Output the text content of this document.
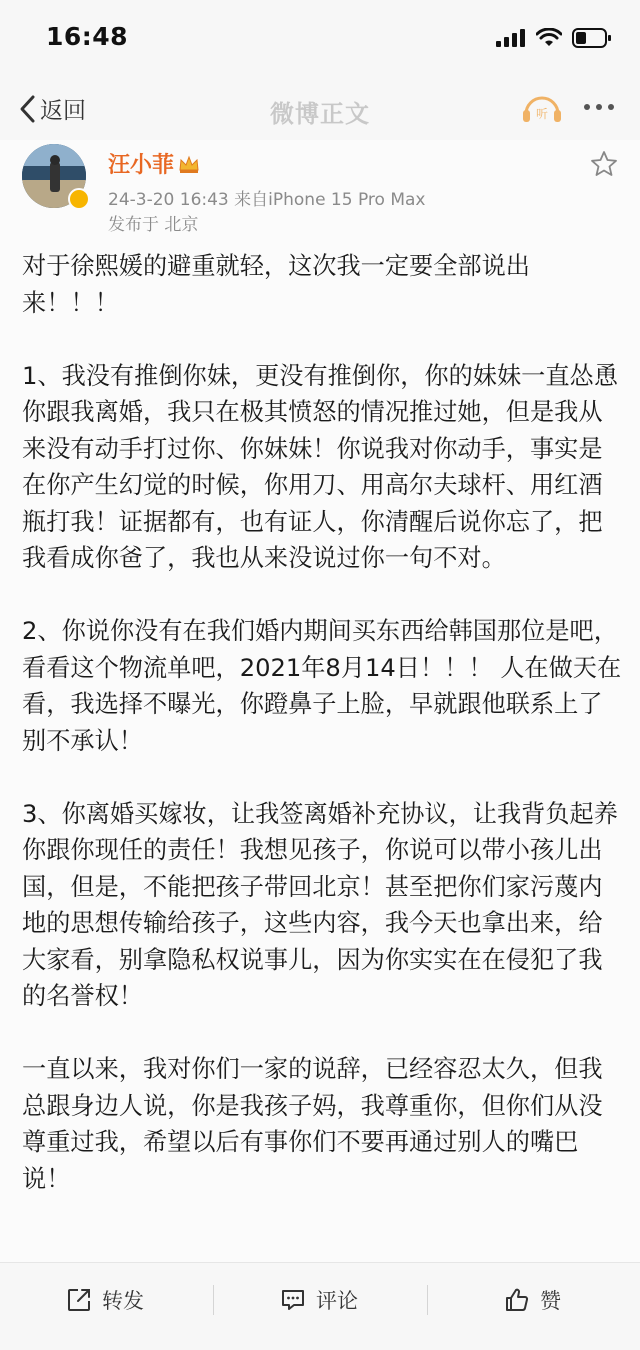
16:48
返回	微博正文	听
汪小菲
24-3-20 16:43 来自iPhone 15 Pro Max
发布于 北京

对于徐熙媛的避重就轻，这次我一定要全部说出来！！！

1、我没有推倒你妹，更没有推倒你，你的妹妹一直怂恿你跟我离婚，我只在极其愤怒的情况推过她，但是我从来没有动手打过你、你妹妹！你说我对你动手，事实是在你产生幻觉的时候，你用刀、用高尔夫球杆、用红酒瓶打我！证据都有，也有证人，你清醒后说你忘了，把我看成你爸了，我也从来没说过你一句不对。

2、你说你没有在我们婚内期间买东西给韩国那位是吧，看看这个物流单吧，2021年8月14日！！！ 人在做天在看，我选择不曝光，你蹬鼻子上脸，早就跟他联系上了别不承认！

3、你离婚买嫁妆，让我签离婚补充协议，让我背负起养你跟你现任的责任！我想见孩子，你说可以带小孩儿出国，但是，不能把孩子带回北京！甚至把你们家污蔑内地的思想传输给孩子，这些内容，我今天也拿出来，给大家看，别拿隐私权说事儿，因为你实实在在侵犯了我的名誉权！

一直以来，我对你们一家的说辞，已经容忍太久，但我总跟身边人说，你是我孩子妈，我尊重你，但你们从没尊重过我，希望以后有事你们不要再通过别人的嘴巴说！

转发	评论	赞
